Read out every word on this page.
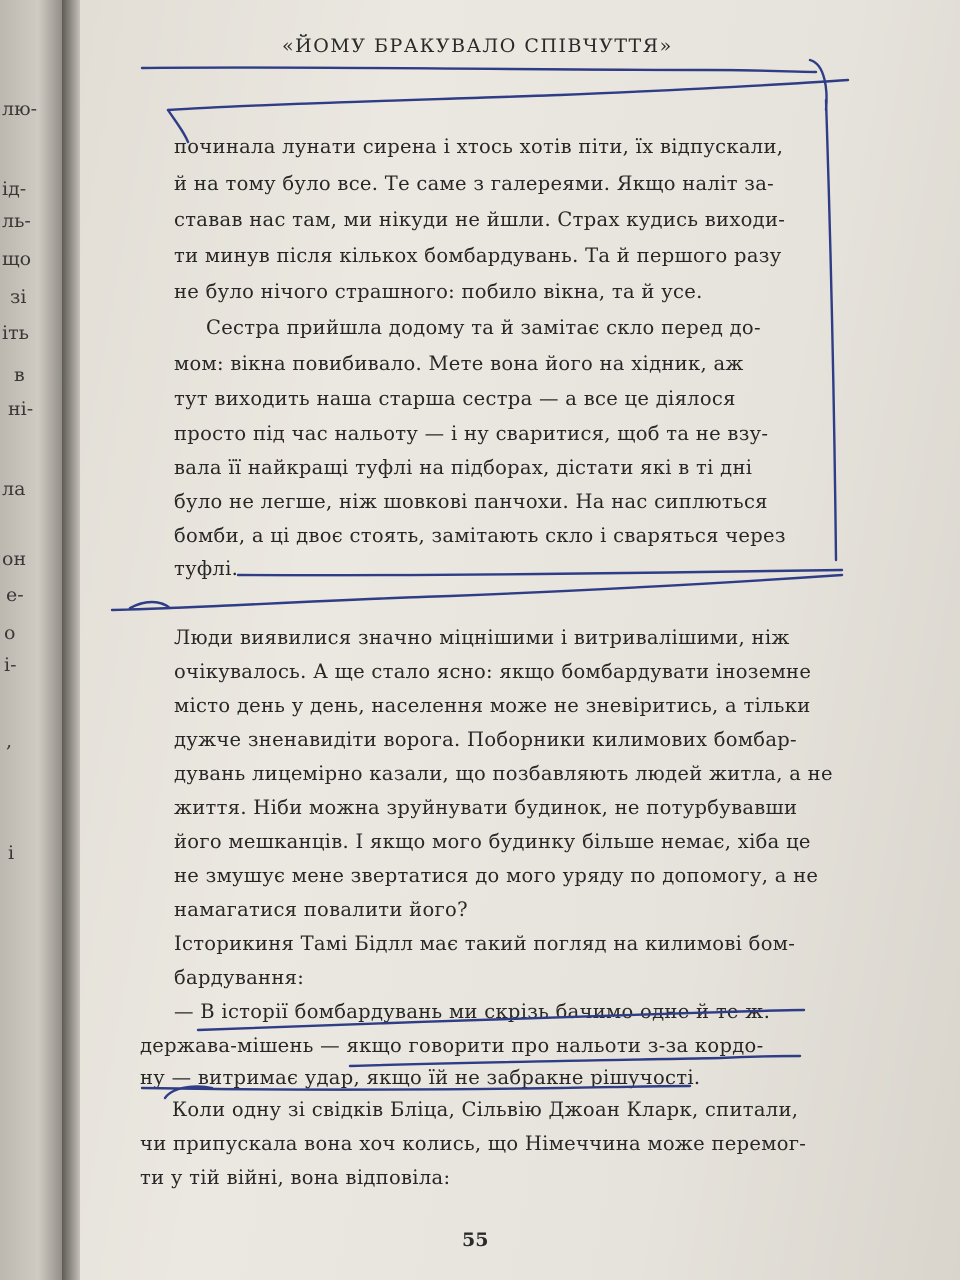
лю-
ід-
ль-
що
зі
іть
в
ні-
ла
он
е-
о
і-
,
і
«ЙОМУ БРАКУВАЛО СПІВЧУТТЯ»
починала лунати сирена і хтось хотів піти, їх відпускали,
й на тому було все. Те саме з галереями. Якщо наліт за-
ставав нас там, ми нікуди не йшли. Страх кудись виходи-
ти минув після кількох бомбардувань. Та й першого разу
не було нічого страшного: побило вікна, та й усе.
Сестра прийшла додому та й замітає скло перед до-
мом: вікна повибивало. Мете вона його на хідник, аж
тут виходить наша старша сестра — а все це діялося
просто під час нальоту — і ну сваритися, щоб та не взу-
вала її найкращі туфлі на підборах, дістати які в ті дні
було не легше, ніж шовкові панчохи. На нас сиплються
бомби, а ці двоє стоять, замітають скло і сваряться через
туфлі.
Люди виявилися значно міцнішими і витривалішими, ніж
очікувалось. А ще стало ясно: якщо бомбардувати іноземне
місто день у день, населення може не зневіритись, а тільки
дужче зненавидіти ворога. Поборники килимових бомбар-
дувань лицемірно казали, що позбавляють людей житла, а не
життя. Ніби можна зруйнувати будинок, не потурбувавши
його мешканців. І якщо мого будинку більше немає, хіба це
не змушує мене звертатися до мого уряду по допомогу, а не
намагатися повалити його?
Історикиня Тамі Бідлл має такий погляд на килимові бом-
бардування:
— В історії бомбардувань ми скрізь бачимо одне й те ж:
держава-мішень — якщо говорити про нальоти з-за кордо-
ну — витримає удар, якщо їй не забракне рішучості.
Коли одну зі свідків Бліца, Сільвію Джоан Кларк, спитали,
чи припускала вона хоч колись, що Німеччина може перемог-
ти у тій війні, вона відповіла:
55
